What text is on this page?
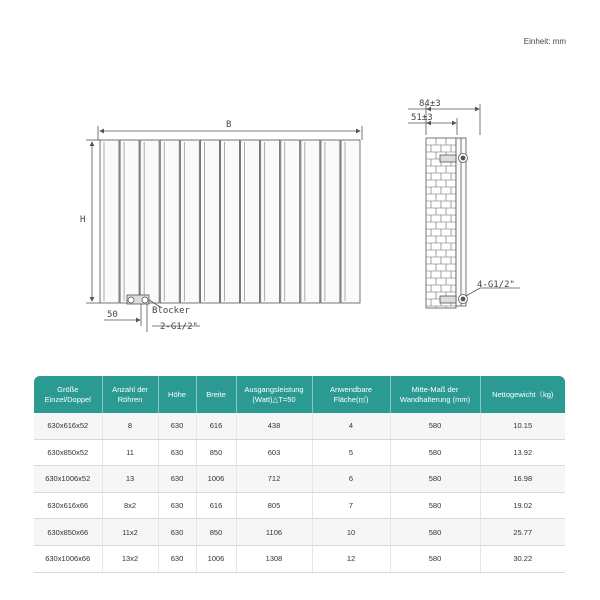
Einheit: mm
B
H
50	Blocker
2-G1/2"
84±3
51±3
4-G1/2"
Größe Einzel/Doppel	Anzahl der Röhren	Höhe	Breite	Ausgangsleistung (Watt)△T=50	Anwendbare Fläche(㎡)	Mitte-Maß der Wandhalterung (mm)	Nettogewicht（kg)
630x616x52	8	630	616	438	4	580	10.15
630x850x52	11	630	850	603	5	580	13.92
630x1006x52	13	630	1006	712	6	580	16.98
630x616x66	8x2	630	616	805	7	580	19.02
630x850x66	11x2	630	850	1106	10	580	25.77
630x1006x66	13x2	630	1006	1308	12	580	30.22
